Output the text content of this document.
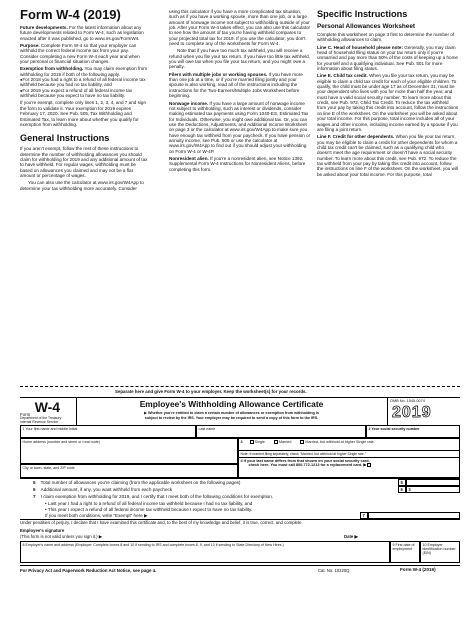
Form W-4 (2019)

Future developments. For the latest information about any future developments related to Form W-4, such as legislation enacted after it was published, go to www.irs.gov/FormW4.

Purpose. Complete Form W-4 so that your employer can withhold the correct federal income tax from your pay. Consider completing a new Form W-4 each year and when your personal or financial situation changes.

Exemption from withholding. You may claim exemption from withholding for 2019 if both of the following apply.

● For 2018 you had a right to a refund of all federal income tax withheld because you had no tax liability, and

● For 2019 you expect a refund of all federal income tax withheld because you expect to have no tax liability.

If you're exempt, complete only lines 1, 2, 3, 4, and 7 and sign the form to validate it. Your exemption for 2019 expires February 17, 2020. See Pub. 505, Tax Withholding and Estimated Tax, to learn more about whether you qualify for exemption from withholding.

General Instructions

If you aren't exempt, follow the rest of these instructions to determine the number of withholding allowances you should claim for withholding for 2019 and any additional amount of tax to have withheld. For regular wages, withholding must be based on allowances you claimed and may not be a flat amount or percentage of wages.

You can also use the calculator at www.irs.gov/W4App to determine your tax withholding more accurately. Consider

using this calculator if you have a more complicated tax situation, such as if you have a working spouse, more than one job, or a large amount of nonwage income not subject to withholding outside of your job. After your Form W-4 takes effect, you can also use this calculator to see how the amount of tax you're having withheld compares to your projected total tax for 2019. If you use the calculator, you don't need to complete any of the worksheets for Form W-4.

Note that if you have too much tax withheld, you will receive a refund when you file your tax return. If you have too little tax withheld, you will owe tax when you file your tax return, and you might owe a penalty.

Filers with multiple jobs or working spouses. If you have more than one job at a time, or if you're married filing jointly and your spouse is also working, read all of the instructions including the instructions for the Two-Earners/Multiple Jobs Worksheet before beginning.

Nonwage income. If you have a large amount of nonwage income not subject to withholding, such as interest or dividends, consider making estimated tax payments using Form 1040-ES, Estimated Tax for Individuals. Otherwise, you might owe additional tax. Or, you can use the Deductions, Adjustments, and Additional Income Worksheet on page 3 or the calculator at www.irs.gov/W4App to make sure you have enough tax withheld from your paycheck. If you have pension or annuity income, see Pub. 505 or use the calculator at www.irs.gov/W4App to find out if you should adjust your withholding on Form W-4 or W-4P.

Nonresident alien. If you're a nonresident alien, see Notice 1392, Supplemental Form W-4 Instructions for Nonresident Aliens, before completing this form.

Specific Instructions
Personal Allowances Worksheet

Complete this worksheet on page 3 first to determine the number of withholding allowances to claim.

Line C. Head of household please note: Generally, you may claim head of household filing status on your tax return only if you're unmarried and pay more than 50% of the costs of keeping up a home for yourself and a qualifying individual. See Pub. 501 for more information about filing status.

Line E. Child tax credit. When you file your tax return, you may be eligible to claim a child tax credit for each of your eligible children. To qualify, the child must be under age 17 as of December 31, must be your dependent who lives with you for more than half the year, and must have a valid social security number. To learn more about this credit, see Pub. 972, Child Tax Credit. To reduce the tax withheld from your pay by taking this credit into account, follow the instructions on line E of the worksheet. On the worksheet you will be asked about your total income. For this purpose, total income includes all of your wages and other income, including income earned by a spouse if you are filing a joint return.

Line F. Credit for other dependents. When you file your tax return, you may be eligible to claim a credit for other dependents for whom a child tax credit can't be claimed, such as a qualifying child who doesn't meet the age requirement or doesn't have a social security number. To learn more about this credit, see Pub. 972. To reduce the tax withheld from your pay by taking this credit into account, follow the instructions on line F of the worksheet. On the worksheet, you will be asked about your total income. For this purpose, total

Separate here and give Form W-4 to your employer. Keep the worksheet(s) for your records.
Form W-4
Department of the Treasury
Internal Revenue Service
Employee's Withholding Allowance Certificate
▶ Whether you're entitled to claim a certain number of allowances or exemption from withholding is
subject to review by the IRS. Your employer may be required to send a copy of this form to the IRS.
OMB No. 1545-0074
2019
1 Your first name and middle initial	Last name	2 Your social security number
Home address (number and street or rural route)	3	Single	Married	Married, but withhold at higher Single rate.
Note: If married filing separately, check "Married, but withhold at higher Single rate."
City or town, state, and ZIP code
4 If your last name differs from that shown on your social security card,
check here. You must call 800-772-1213 for a replacement card. ▶
5 Total number of allowances you're claiming (from the applicable worksheet on the following pages)
6 Additional amount, if any, you want withheld from each paycheck
7 I claim exemption from withholding for 2019, and I certify that I meet both of the following conditions for exemption.
• Last year I had a right to a refund of all federal income tax withheld because I had no tax liability, and
• This year I expect a refund of all federal income tax withheld because I expect to have no tax liability.
If you meet both conditions, write "Exempt" here ▶
5
6	$
7
Under penalties of perjury, I declare that I have examined this certificate and, to the best of my knowledge and belief, it is true, correct, and complete.
Employee's signature
(This form is not valid unless you sign it.) ▶	Date ▶
8 Employer's name and address (Employer: Complete boxes 8 and 10 if sending to IRS and complete boxes 8, 9, and 10 if sending to State Directory of New Hires.)	9 First date of employment
10 Employer identification number (EIN)
For Privacy Act and Paperwork Reduction Act Notice, see page 4.	Cat. No. 10220Q	Form W-4 (2019)
